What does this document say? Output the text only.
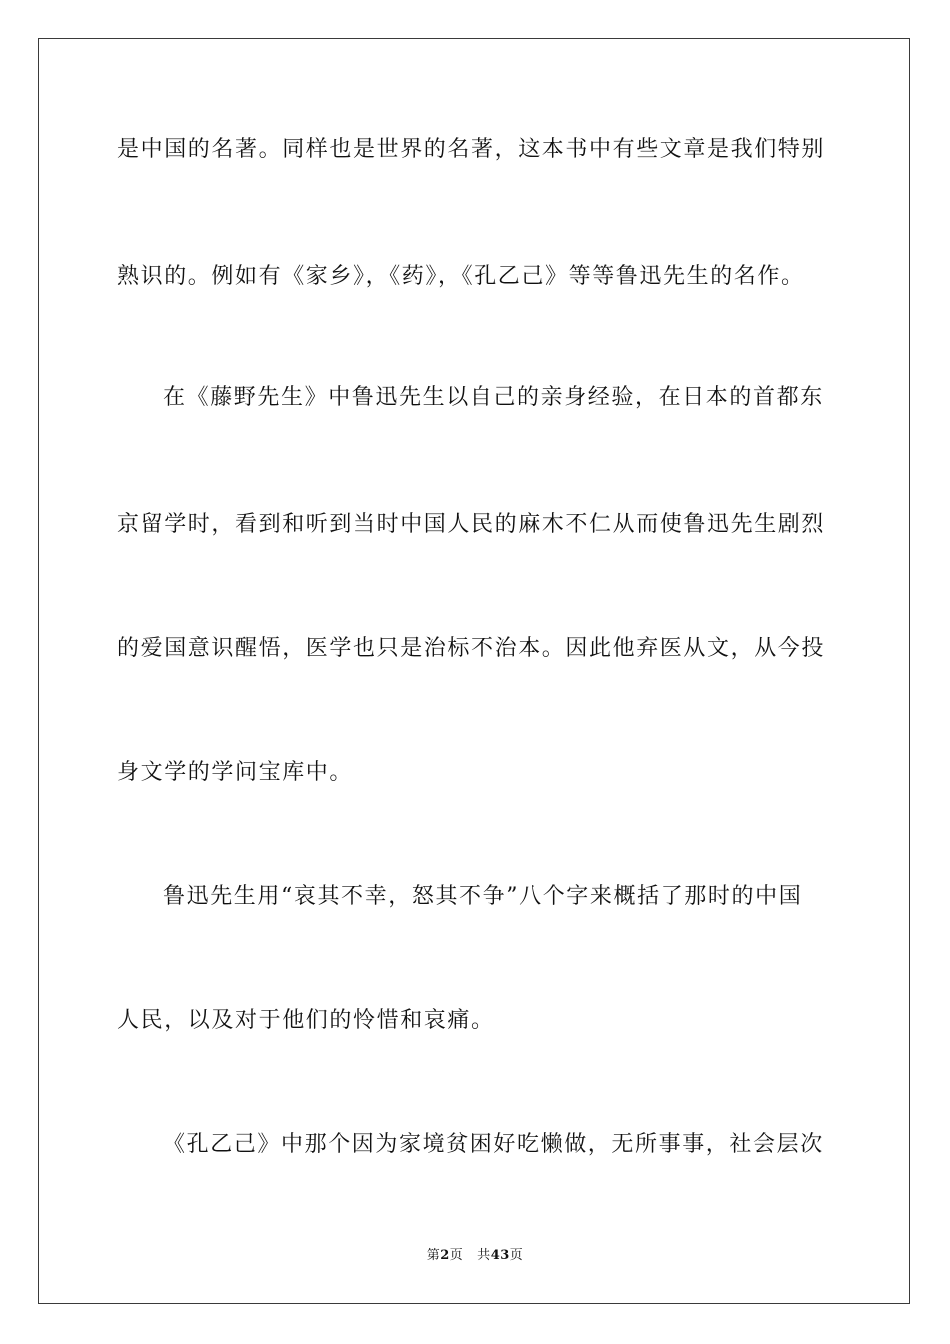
是中国的名著。同样也是世界的名著，这本书中有些文章是我们特别
熟识的。例如有《家乡》，《药》，《孔乙己》等等鲁迅先生的名作。
在《藤野先生》中鲁迅先生以自己的亲身经验，在日本的首都东
京留学时，看到和听到当时中国人民的麻木不仁从而使鲁迅先生剧烈
的爱国意识醒悟，医学也只是治标不治本。因此他弃医从文，从今投
身文学的学问宝库中。
鲁迅先生用“哀其不幸，怒其不争”八个字来概括了那时的中国
人民，以及对于他们的怜惜和哀痛。
《孔乙己》中那个因为家境贫困好吃懒做，无所事事，社会层次
第2页 共43页
